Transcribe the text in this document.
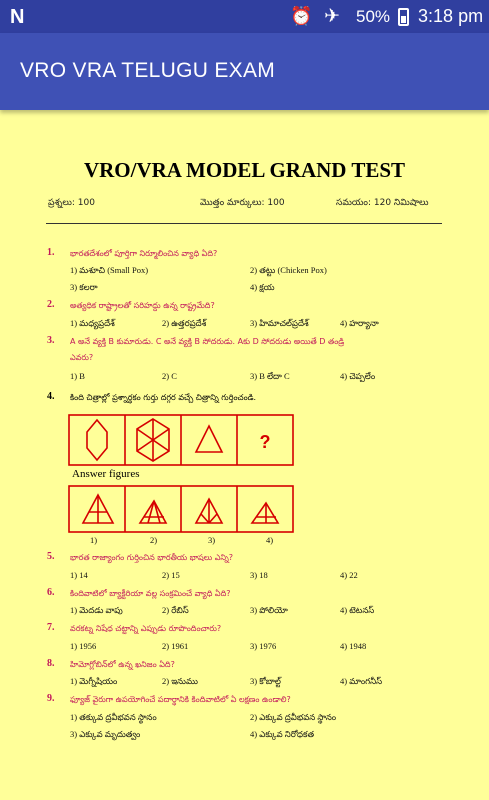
N	⏰ ✈ 50% 3:18 pm
VRO VRA TELUGU EXAM
VRO/VRA MODEL GRAND TEST
ప్రశ్నలు: 100	మొత్తం మార్కులు: 100	సమయం: 120 నిమిషాలు
1. భారతదేశంలో పూర్తిగా నిర్మూలించిన వ్యాధి ఏది?
1) మశూచి (Small Pox)	2) తట్టు (Chicken Pox)
3) కలరా	4) క్షయ
2. అత్యధిక రాష్ట్రాలతో సరిహద్దు ఉన్న రాష్ట్రమేది?
1) మధ్యప్రదేశ్	2) ఉత్తరప్రదేశ్	3) హిమాచల్‌ప్రదేశ్	4) హర్యానా
3. A అనే వ్యక్తి B కుమారుడు. C అనే వ్యక్తి B సోదరుడు. Aకు D సోదరుడు అయితే D తండ్రి
ఎవరు?
1) B	2) C	3) B లేదా C	4) చెప్పలేం
4. కింది చిత్రాల్లో ప్రశ్నార్థకం గుర్తు దగ్గర వచ్చే చిత్రాన్ని గుర్తించండి.
?
Answer figures
1)	2)	3)	4)
5. భారత రాజ్యాంగం గుర్తించిన భారతీయ భాషలు ఎన్ని?
1) 14	2) 15	3) 18	4) 22
6. కిందివాటిలో బ్యాక్టీరియా వల్ల సంక్రమించే వ్యాధి ఏది?
1) మెదడు వాపు	2) రేబిస్	3) పోలియో	4) టెటనస్
7. వరకట్న నిషేధ చట్టాన్ని ఎప్పుడు రూపొందించారు?
1) 1956	2) 1961	3) 1976	4) 1948
8. హిమోగ్లోబిన్‌లో ఉన్న ఖనిజం ఏది?
1) మెగ్నీషియం	2) ఇనుము	3) కోబాల్ట్	4) మాంగనీస్
9. ఫ్యూజ్ వైరుగా ఉపయోగించే పదార్థానికి కిందివాటిలో ఏ లక్షణం ఉండాలి?
1) తక్కువ ద్రవీభవన స్థానం	2) ఎక్కువ ద్రవీభవన స్థానం
3) ఎక్కువ మృదుత్వం	4) ఎక్కువ నిరోధకత
